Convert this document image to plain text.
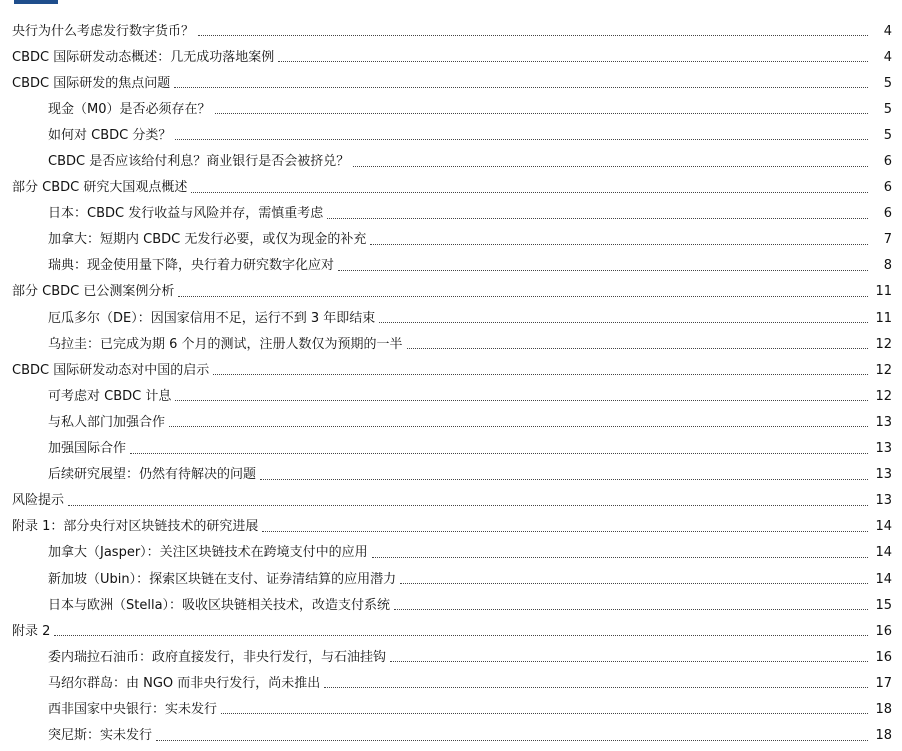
央行为什么考虑发行数字货币？	4
CBDC 国际研发动态概述：几无成功落地案例	4
CBDC 国际研发的焦点问题	5
现金（M0）是否必须存在？	5
如何对 CBDC 分类？	5
CBDC 是否应该给付利息？商业银行是否会被挤兑？	6
部分 CBDC 研究大国观点概述	6
日本：CBDC 发行收益与风险并存，需慎重考虑	6
加拿大：短期内 CBDC 无发行必要，或仅为现金的补充	7
瑞典：现金使用量下降，央行着力研究数字化应对	8
部分 CBDC 已公测案例分析	11
厄瓜多尔（DE）：因国家信用不足，运行不到 3 年即结束	11
乌拉圭：已完成为期 6 个月的测试，注册人数仅为预期的一半	12
CBDC 国际研发动态对中国的启示	12
可考虑对 CBDC 计息	12
与私人部门加强合作	13
加强国际合作	13
后续研究展望：仍然有待解决的问题	13
风险提示	13
附录 1：部分央行对区块链技术的研究进展	14
加拿大（Jasper）：关注区块链技术在跨境支付中的应用	14
新加坡（Ubin）：探索区块链在支付、证券清结算的应用潜力	14
日本与欧洲（Stella）：吸收区块链相关技术，改造支付系统	15
附录 2	16
委内瑞拉石油币：政府直接发行，非央行发行，与石油挂钩	16
马绍尔群岛：由 NGO 而非央行发行，尚未推出	17
西非国家中央银行：实未发行	18
突尼斯：实未发行	18
